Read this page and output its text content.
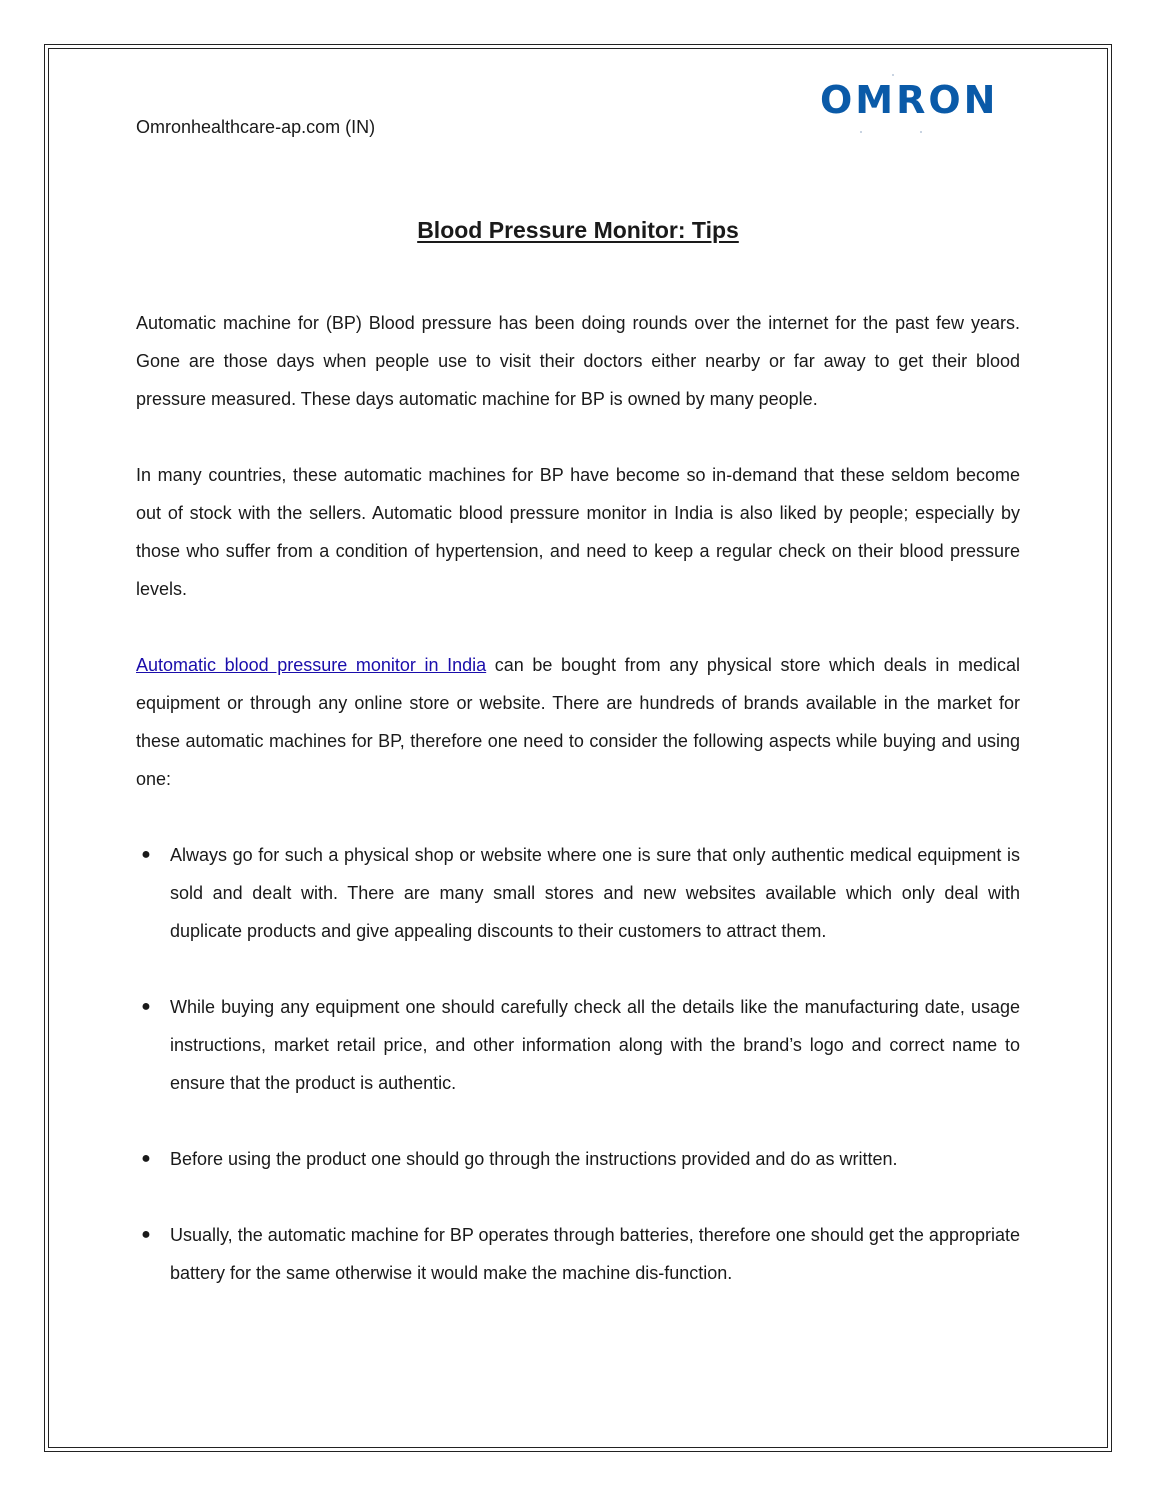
Omronhealthcare-ap.com (IN)
OMRON
Blood Pressure Monitor: Tips

Automatic machine for (BP) Blood pressure has been doing rounds over the internet for the past few years. Gone are those days when people use to visit their doctors either nearby or far away to get their blood pressure measured. These days automatic machine for BP is owned by many people.

In many countries, these automatic machines for BP have become so in-demand that these seldom become out of stock with the sellers. Automatic blood pressure monitor in India is also liked by people; especially by those who suffer from a condition of hypertension, and need to keep a regular check on their blood pressure levels.

Automatic blood pressure monitor in India can be bought from any physical store which deals in medical equipment or through any online store or website. There are hundreds of brands available in the market for these automatic machines for BP, therefore one need to consider the following aspects while buying and using one:

● Always go for such a physical shop or website where one is sure that only authentic medical equipment is sold and dealt with. There are many small stores and new websites available which only deal with duplicate products and give appealing discounts to their customers to attract them.
● While buying any equipment one should carefully check all the details like the manufacturing date, usage instructions, market retail price, and other information along with the brand’s logo and correct name to ensure that the product is authentic.
● Before using the product one should go through the instructions provided and do as written.
● Usually, the automatic machine for BP operates through batteries, therefore one should get the appropriate battery for the same otherwise it would make the machine dis-function.
